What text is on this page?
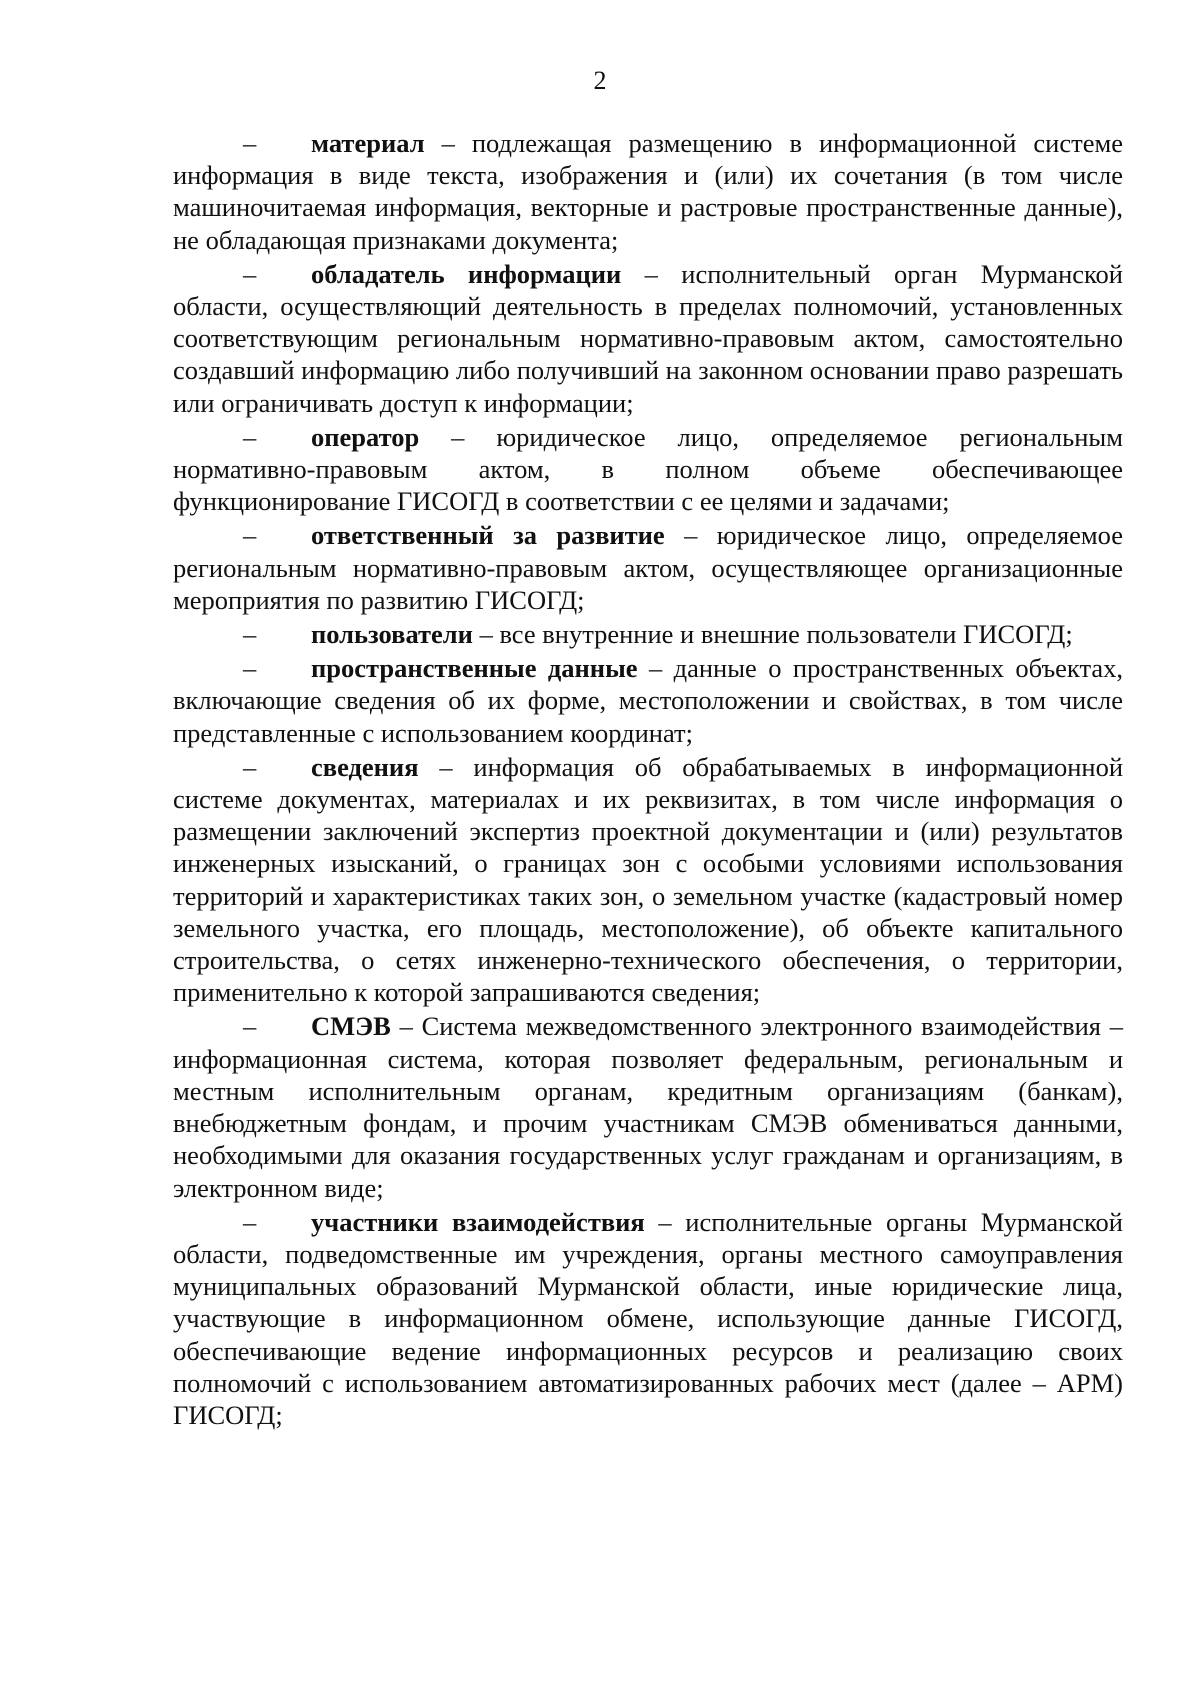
2

– материал – подлежащая размещению в информационной системе информация в виде текста, изображения и (или) их сочетания (в том числе машиночитаемая информация, векторные и растровые пространственные данные), не обладающая признаками документа;

– обладатель информации – исполнительный орган Мурманской области, осуществляющий деятельность в пределах полномочий, установленных соответствующим региональным нормативно-правовым актом, самостоятельно создавший информацию либо получивший на законном основании право разрешать или ограничивать доступ к информации;

– оператор – юридическое лицо, определяемое региональным нормативно-правовым актом, в полном объеме обеспечивающее функционирование ГИСОГД в соответствии с ее целями и задачами;

– ответственный за развитие – юридическое лицо, определяемое региональным нормативно-правовым актом, осуществляющее организационные мероприятия по развитию ГИСОГД;

– пользователи – все внутренние и внешние пользователи ГИСОГД;

– пространственные данные – данные о пространственных объектах, включающие сведения об их форме, местоположении и свойствах, в том числе представленные с использованием координат;

– сведения – информация об обрабатываемых в информационной системе документах, материалах и их реквизитах, в том числе информация о размещении заключений экспертиз проектной документации и (или) результатов инженерных изысканий, о границах зон с особыми условиями использования территорий и характеристиках таких зон, о земельном участке (кадастровый номер земельного участка, его площадь, местоположение), об объекте капитального строительства, о сетях инженерно-технического обеспечения, о территории, применительно к которой запрашиваются сведения;

– СМЭВ – Система межведомственного электронного взаимодействия – информационная система, которая позволяет федеральным, региональным и местным исполнительным органам, кредитным организациям (банкам), внебюджетным фондам, и прочим участникам СМЭВ обмениваться данными, необходимыми для оказания государственных услуг гражданам и организациям, в электронном виде;

– участники взаимодействия – исполнительные органы Мурманской области, подведомственные им учреждения, органы местного самоуправления муниципальных образований Мурманской области, иные юридические лица, участвующие в информационном обмене, использующие данные ГИСОГД, обеспечивающие ведение информационных ресурсов и реализацию своих полномочий с использованием автоматизированных рабочих мест (далее – АРМ) ГИСОГД;
